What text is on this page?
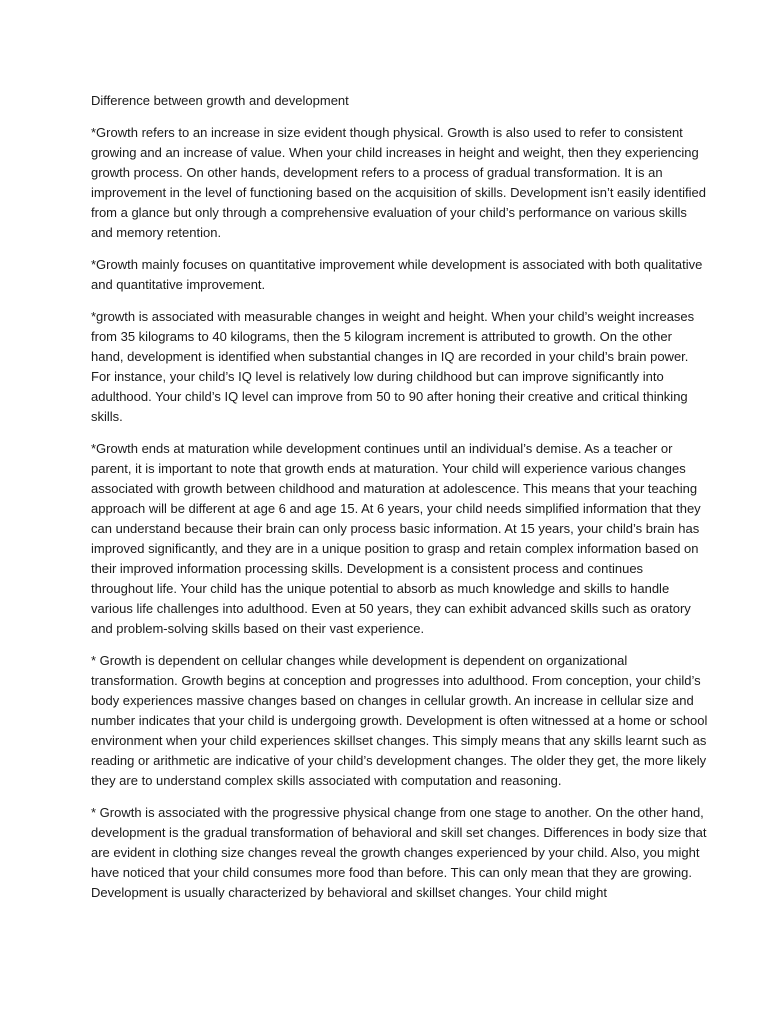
Difference between growth and development

*Growth refers to an increase in size evident though physical. Growth is also used to refer to consistent growing and an increase of value. When your child increases in height and weight, then they experiencing growth process. On other hands, development refers to a process of gradual transformation. It is an improvement in the level of functioning based on the acquisition of skills. Development isn’t easily identified from a glance but only through a comprehensive evaluation of your child’s performance on various skills and memory retention.

*Growth mainly focuses on quantitative improvement while development is associated with both qualitative and quantitative improvement.

*growth is associated with measurable changes in weight and height. When your child’s weight increases from 35 kilograms to 40 kilograms, then the 5 kilogram increment is attributed to growth. On the other hand, development is identified when substantial changes in IQ are recorded in your child’s brain power. For instance, your child’s IQ level is relatively low during childhood but can improve significantly into adulthood. Your child’s IQ level can improve from 50 to 90 after honing their creative and critical thinking skills.

*Growth ends at maturation while development continues until an individual’s demise. As a teacher or parent, it is important to note that growth ends at maturation. Your child will experience various changes associated with growth between childhood and maturation at adolescence. This means that your teaching approach will be different at age 6 and age 15. At 6 years, your child needs simplified information that they can understand because their brain can only process basic information. At 15 years, your child’s brain has improved significantly, and they are in a unique position to grasp and retain complex information based on their improved information processing skills. Development is a consistent process and continues throughout life. Your child has the unique potential to absorb as much knowledge and skills to handle various life challenges into adulthood. Even at 50 years, they can exhibit advanced skills such as oratory and problem-solving skills based on their vast experience.

* Growth is dependent on cellular changes while development is dependent on organizational transformation. Growth begins at conception and progresses into adulthood. From conception, your child’s body experiences massive changes based on changes in cellular growth. An increase in cellular size and number indicates that your child is undergoing growth. Development is often witnessed at a home or school environment when your child experiences skillset changes. This simply means that any skills learnt such as reading or arithmetic are indicative of your child’s development changes. The older they get, the more likely they are to understand complex skills associated with computation and reasoning.

* Growth is associated with the progressive physical change from one stage to another. On the other hand, development is the gradual transformation of behavioral and skill set changes. Differences in body size that are evident in clothing size changes reveal the growth changes experienced by your child. Also, you might have noticed that your child consumes more food than before. This can only mean that they are growing. Development is usually characterized by behavioral and skillset changes. Your child might
